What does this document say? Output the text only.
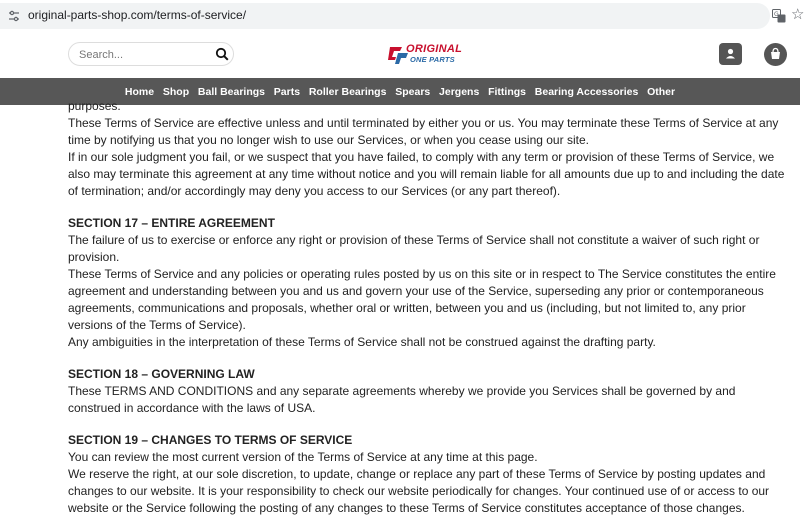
original-parts-shop.com/terms-of-service/	G ☆
Search...
ORIGINAL
ONE PARTS
Home Shop Ball Bearings Parts Roller Bearings Spears Jergens Fittings Bearing Accessories Other
purposes.

These Terms of Service are effective unless and until terminated by either you or us. You may terminate these Terms of Service at any time by notifying us that you no longer wish to use our Services, or when you cease using our site.

If in our sole judgment you fail, or we suspect that you have failed, to comply with any term or provision of these Terms of Service, we also may terminate this agreement at any time without notice and you will remain liable for all amounts due up to and including the date of termination; and/or accordingly may deny you access to our Services (or any part thereof).

SECTION 17 – ENTIRE AGREEMENT

The failure of us to exercise or enforce any right or provision of these Terms of Service shall not constitute a waiver of such right or provision.

These Terms of Service and any policies or operating rules posted by us on this site or in respect to The Service constitutes the entire agreement and understanding between you and us and govern your use of the Service, superseding any prior or contemporaneous agreements, communications and proposals, whether oral or written, between you and us (including, but not limited to, any prior versions of the Terms of Service).

Any ambiguities in the interpretation of these Terms of Service shall not be construed against the drafting party.

SECTION 18 – GOVERNING LAW

These TERMS AND CONDITIONS and any separate agreements whereby we provide you Services shall be governed by and construed in accordance with the laws of USA.

SECTION 19 – CHANGES TO TERMS OF SERVICE

You can review the most current version of the Terms of Service at any time at this page.

We reserve the right, at our sole discretion, to update, change or replace any part of these Terms of Service by posting updates and changes to our website. It is your responsibility to check our website periodically for changes. Your continued use of or access to our website or the Service following the posting of any changes to these Terms of Service constitutes acceptance of those changes.
